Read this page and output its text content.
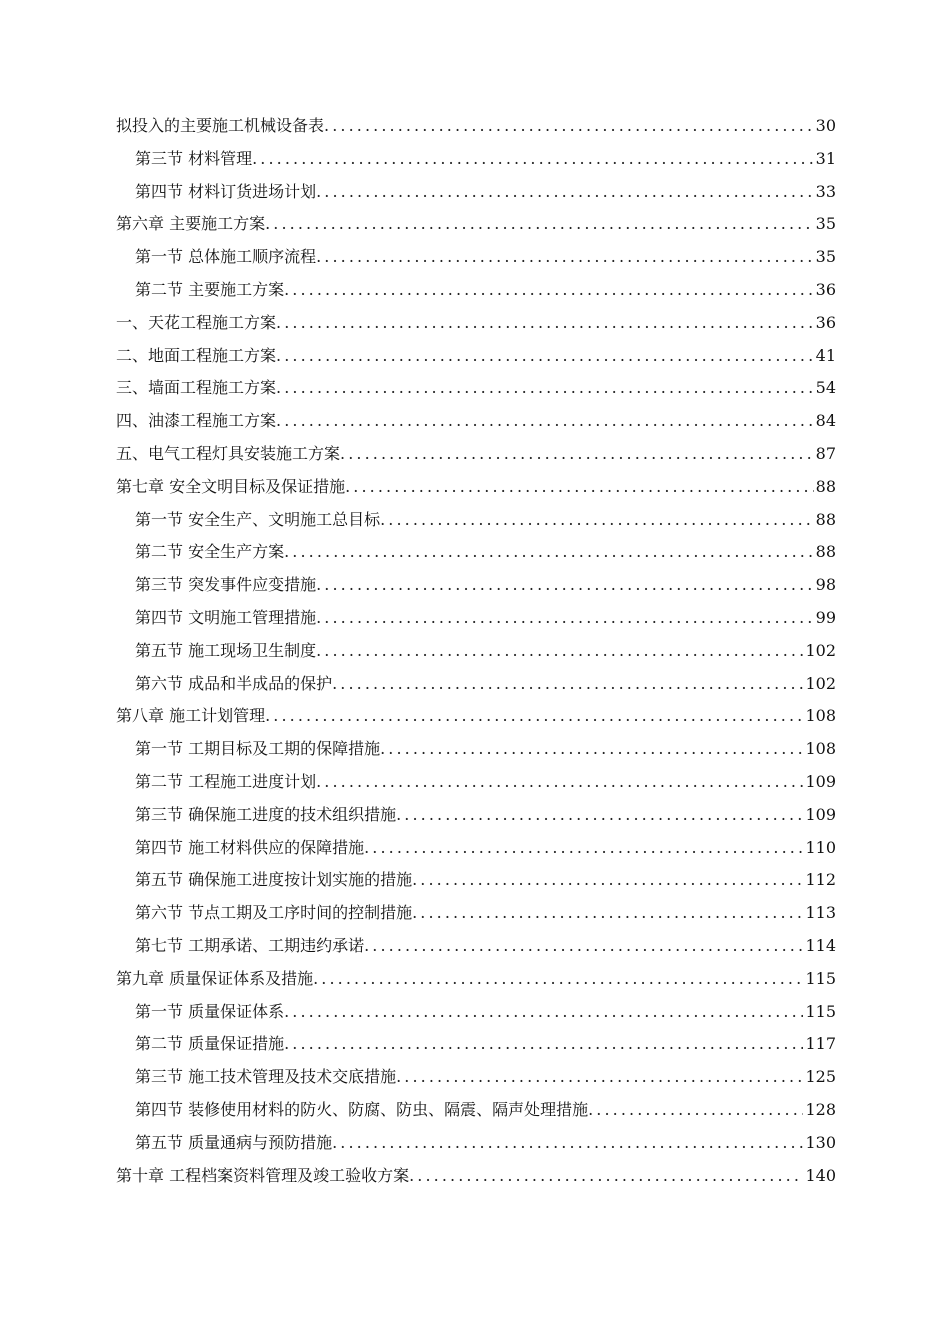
拟投入的主要施工机械设备表 .....	30
第三节 材料管理 .....	31
第四节 材料订货进场计划 .....	33
第六章 主要施工方案 .....	35
第一节 总体施工顺序流程 .....	35
第二节 主要施工方案 .....	36
一、天花工程施工方案 .....	36
二、地面工程施工方案 .....	41
三、墙面工程施工方案 .....	54
四、油漆工程施工方案 .....	84
五、电气工程灯具安装施工方案 .....	87
第七章 安全文明目标及保证措施 .....	88
第一节 安全生产、文明施工总目标 .....	88
第二节 安全生产方案 .....	88
第三节 突发事件应变措施 .....	98
第四节 文明施工管理措施 .....	99
第五节 施工现场卫生制度 .....	102
第六节 成品和半成品的保护 .....	102
第八章 施工计划管理 .....	108
第一节 工期目标及工期的保障措施 .....	108
第二节 工程施工进度计划 .....	109
第三节 确保施工进度的技术组织措施 .....	109
第四节 施工材料供应的保障措施 .....	110
第五节 确保施工进度按计划实施的措施 .....	112
第六节 节点工期及工序时间的控制措施 .....	113
第七节 工期承诺、工期违约承诺 .....	114
第九章 质量保证体系及措施 .....	115
第一节 质量保证体系 .....	115
第二节 质量保证措施 .....	117
第三节 施工技术管理及技术交底措施 .....	125
第四节 装修使用材料的防火、防腐、防虫、隔震、隔声处理措施 .....	128
第五节 质量通病与预防措施 .....	130
第十章 工程档案资料管理及竣工验收方案 .....	140
